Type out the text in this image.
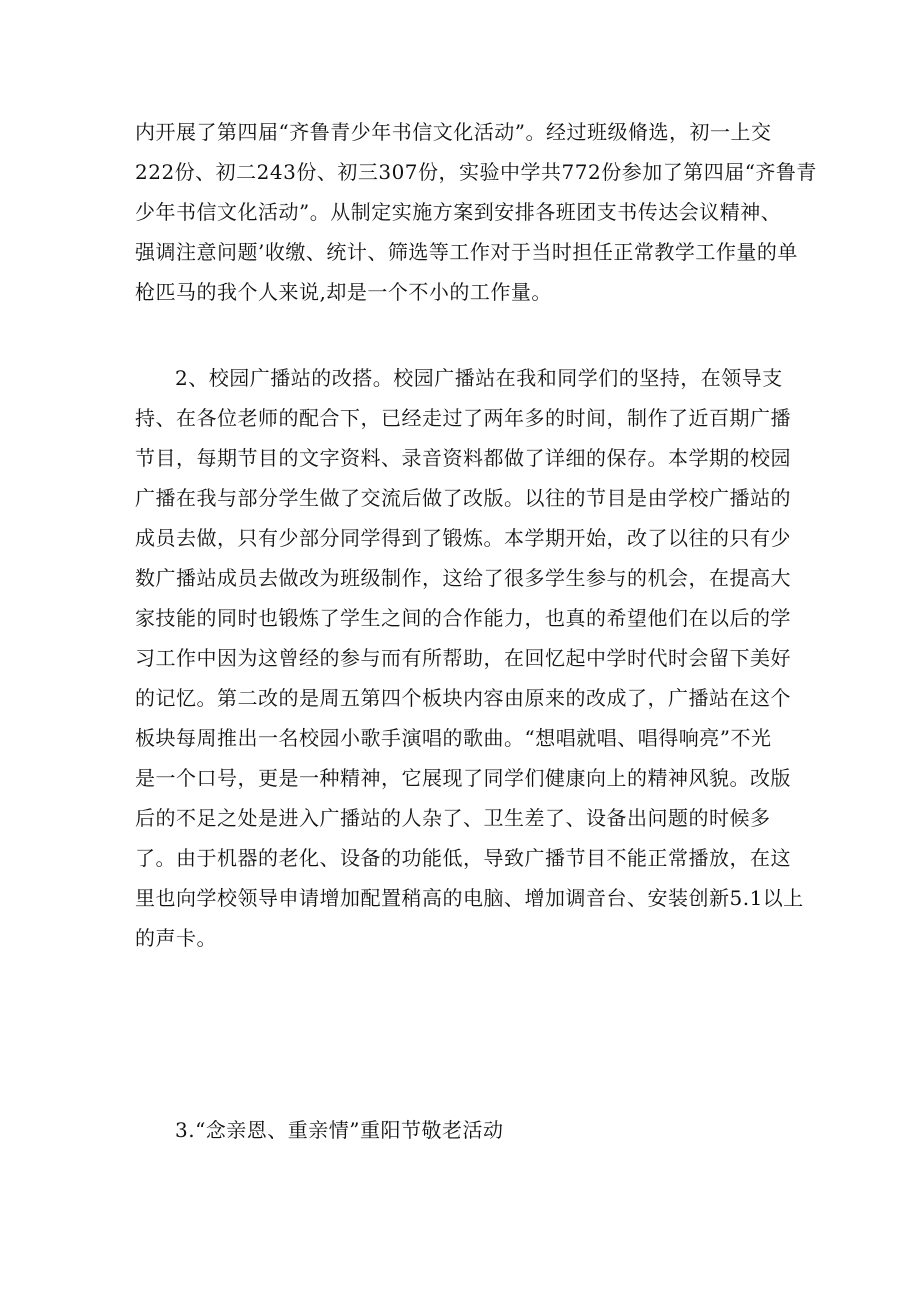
内开展了第四届“齐鲁青少年书信文化活动”。经过班级脩选，初一上交
222份、初二243份、初三307份，实验中学共772份参加了第四届“齐鲁青
少年书信文化活动”。从制定实施方案到安排各班团支书传达会议精神、
强调注意问题’收缴、统计、筛选等工作对于当时担任正常教学工作量的单
枪匹马的我个人来说,却是一个不小的工作量。
2、校园广播站的改搭。校园广播站在我和同学们的坚持，在领导支
持、在各位老师的配合下，已经走过了两年多的时间，制作了近百期广播
节目，每期节目的文字资料、录音资料都做了详细的保存。本学期的校园
广播在我与部分学生做了交流后做了改版。以往的节目是由学校广播站的
成员去做，只有少部分同学得到了锻炼。本学期开始，改了以往的只有少
数广播站成员去做改为班级制作，这给了很多学生参与的机会，在提高大
家技能的同时也锻炼了学生之间的合作能力，也真的希望他们在以后的学
习工作中因为这曾经的参与而有所帮助，在回忆起中学时代时会留下美好
的记忆。第二改的是周五第四个板块内容由原来的改成了，广播站在这个
板块每周推出一名校园小歌手演唱的歌曲。“想唱就唱、唱得响亮”不光
是一个口号，更是一种精神，它展现了同学们健康向上的精神风貌。改版
后的不足之处是进入广播站的人杂了、卫生差了、设备出问题的时候多
了。由于机器的老化、设备的功能低，导致广播节目不能正常播放，在这
里也向学校领导申请增加配置稍高的电脑、增加调音台、安装创新5.1以上
的声卡。
3.“念亲恩、重亲情”重阳节敬老活动
